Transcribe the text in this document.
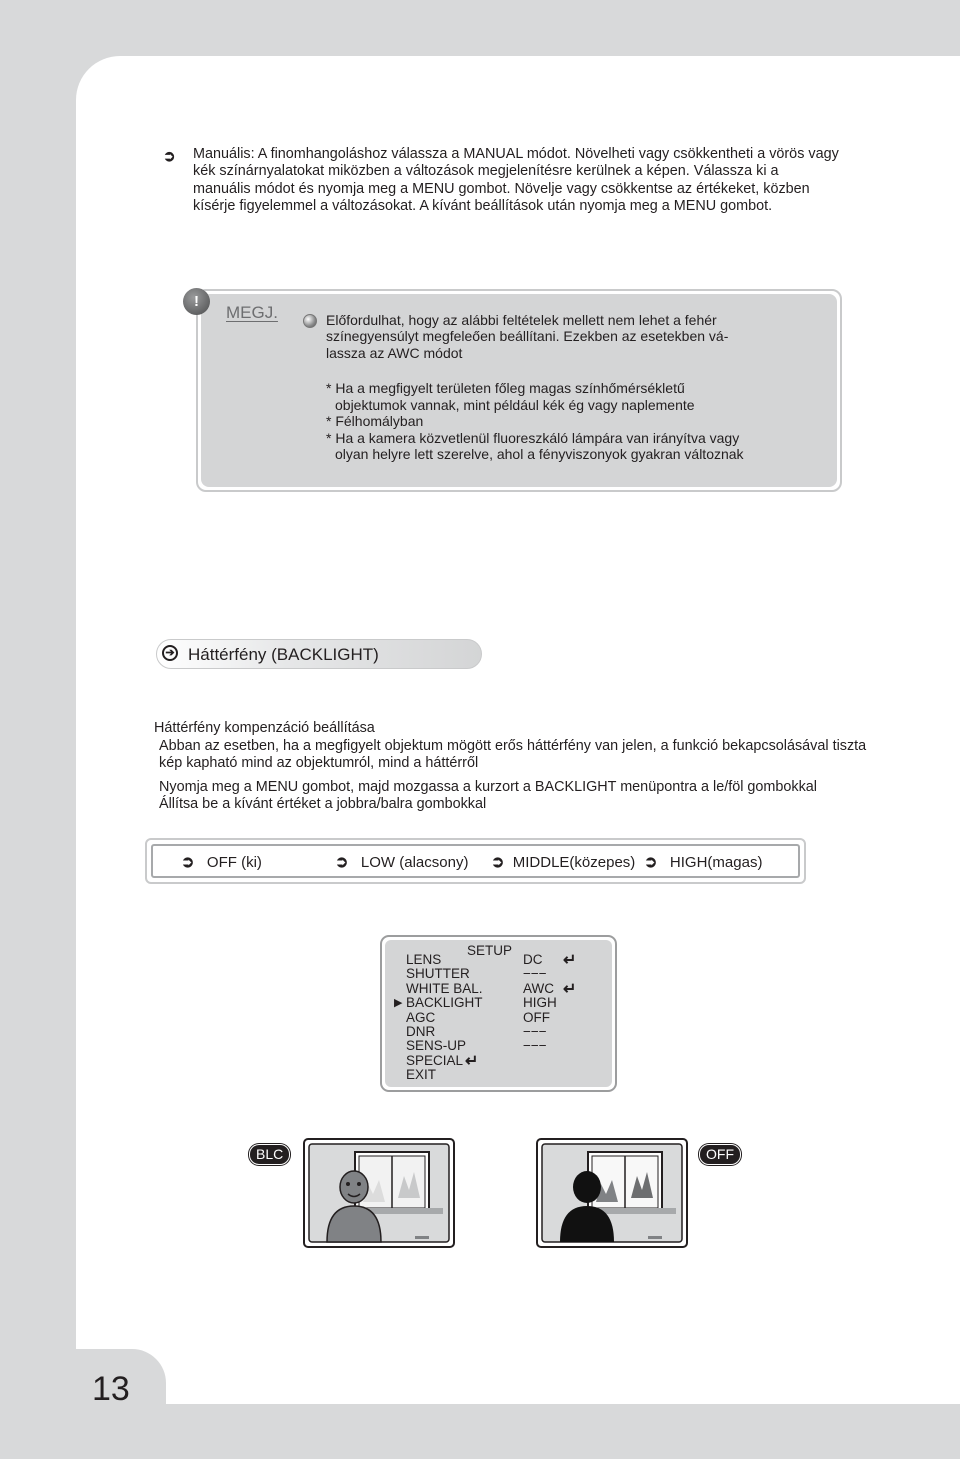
13
➲ Manuális: A finomhangoláshoz válassza a MANUAL módot. Növelheti vagy csökkentheti a vörös vagy
kék színárnyalatokat miközben a változások megjelenítésre kerülnek a képen. Válassza ki a
manuális módot és nyomja meg a MENU gombot. Növelje vagy csökkentse az értékeket, közben
kísérje figyelemmel a változásokat. A kívánt beállítások után nyomja meg a MENU gombot.
!
MEGJ.	Előfordulhat, hogy az alábbi feltételek mellett nem lehet a fehér
színegyensúlyt megfeleően beállítani. Ezekben az esetekben vá-
lassza az AWC módot
* Ha a megfigyelt területen főleg magas színhőmérsékletű
objektumok vannak, mint például kék ég vagy naplemente
* Félhomályban
* Ha a kamera közvetlenül fluoreszkáló lámpára van irányítva vagy
olyan helyre lett szerelve, ahol a fényviszonyok gyakran változnak
➔ Háttérfény (BACKLIGHT)
Háttérfény kompenzáció beállítása
Abban az esetben, ha a megfigyelt objektum mögött erős háttérfény van jelen, a funkció bekapcsolásával tiszta
kép kapható mind az objektumról, mind a háttérről
Nyomja meg a MENU gombot, majd mozgassa a kurzort a BACKLIGHT menüpontra a le/föl gombokkal
Állítsa be a kívánt értéket a jobbra/balra gombokkal
➲ OFF (ki)	➲ LOW (alacsony) ➲ MIDDLE(közepes) ➲ HIGH(magas)
SETUP
▶
LENS	DC
SHUTTER	−−−
WHITE BAL.	AWC
BACKLIGHT	HIGH
AGC	OFF
DNR	−−−
SENS-UP	−−−
SPECIAL
EXIT
↵
↵
↵
BLC	OFF
